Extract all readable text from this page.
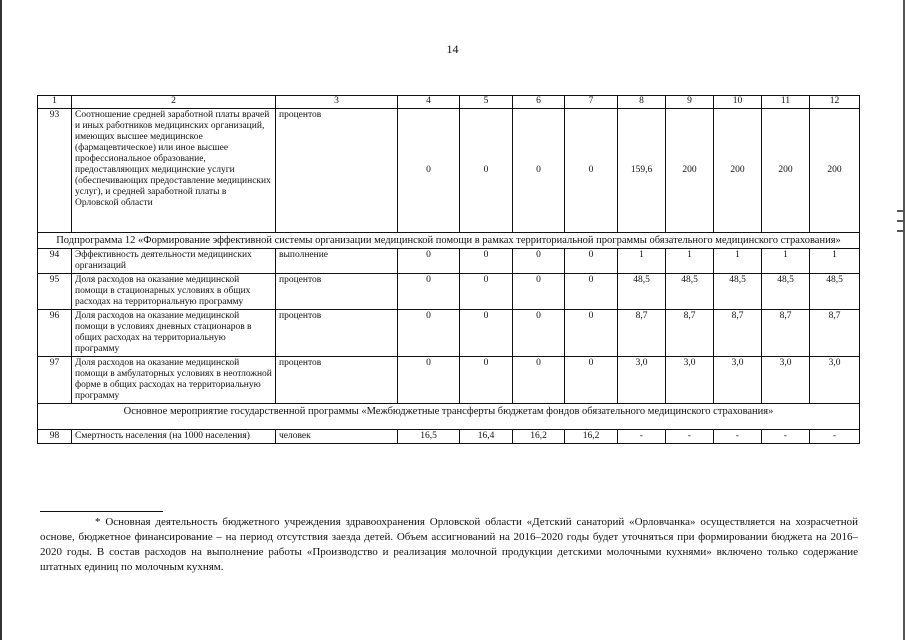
14
1	2	3	4	5	6	7	8	9	10	11	12
93	Соотношение средней заработной платы врачей и иных работников медицинских организаций, имеющих высшее медицинское (фармацевтическое) или иное высшее профессиональное образование, предоставляющих медицинские услуги (обеспечивающих предоставление медицинских услуг), и средней заработной платы в Орловской области	процентов	0	0	0	0	159,6	200	200	200	200
Подпрограмма 12 «Формирование эффективной системы организации медицинской помощи в рамках территориальной программы обязательного медицинского страхования»											
94	Эффективность деятельности медицинских организаций	выполнение	0	0	0	0	1	1	1	1	1
95	Доля расходов на оказание медицинской помощи в стационарных условиях в общих расходах на территориальную программу	процентов	0	0	0	0	48,5	48,5	48,5	48,5	48,5
96	Доля расходов на оказание медицинской помощи в условиях дневных стационаров в общих расходах на территориальную программу	процентов	0	0	0	0	8,7	8,7	8,7	8,7	8,7
97	Доля расходов на оказание медицинской помощи в амбулаторных условиях в неотложной форме в общих расходах на территориальную программу	процентов	0	0	0	0	3,0	3,0	3,0	3,0	3,0
Основное мероприятие государственной программы «Межбюджетные трансферты бюджетам фондов обязательного медицинского страхования»											
98	Смертность населения (на 1000 населения)	человек	16,5	16,4	16,2	16,2	-	-	-	-	-
* Основная деятельность бюджетного учреждения здравоохранения Орловской области «Детский санаторий «Орловчанка» осуществляется на хозрасчетной основе, бюджетное финансирование – на период отсутствия заезда детей. Объем ассигнований на 2016–2020 годы будет уточняться при формировании бюджета на 2016–2020 годы. В состав расходов на выполнение работы «Производство и реализация молочной продукции детскими молочными кухнями» включено только содержание штатных единиц по молочным кухням.
